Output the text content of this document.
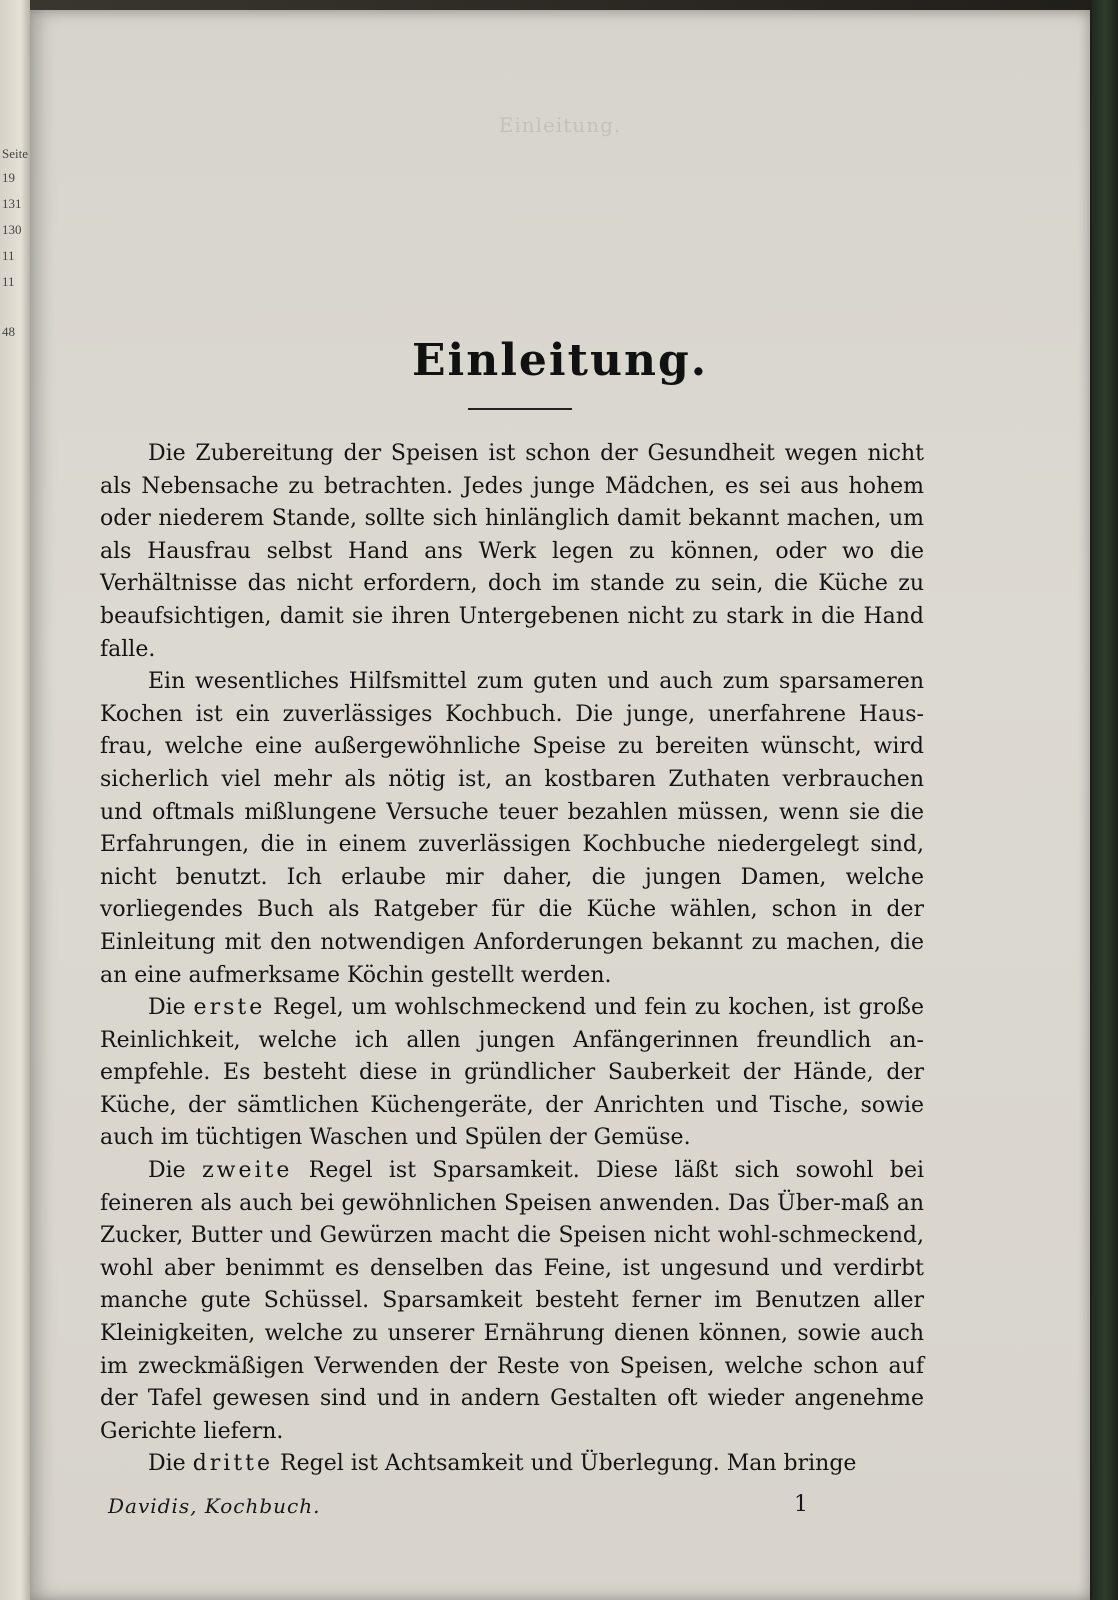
Seite
19
131
130
11
11
48
Einleitung.
Einleitung.

Die Zubereitung der Speisen ist schon der Gesundheit wegen nicht als Nebensache zu betrachten. Jedes junge Mädchen, es sei aus hohem oder niederem Stande, sollte sich hinlänglich damit bekannt machen, um als Hausfrau selbst Hand ans Werk legen zu können, oder wo die Verhältnisse das nicht erfordern, doch im stande zu sein, die Küche zu beaufsichtigen, damit sie ihren Untergebenen nicht zu stark in die Hand falle.

Ein wesentliches Hilfsmittel zum guten und auch zum sparsameren Kochen ist ein zuverlässiges Kochbuch. Die junge, unerfahrene Haus-frau, welche eine außergewöhnliche Speise zu bereiten wünscht, wird sicherlich viel mehr als nötig ist, an kostbaren Zuthaten verbrauchen und oftmals mißlungene Versuche teuer bezahlen müssen, wenn sie die Erfahrungen, die in einem zuverlässigen Kochbuche niedergelegt sind, nicht benutzt. Ich erlaube mir daher, die jungen Damen, welche vorliegendes Buch als Ratgeber für die Küche wählen, schon in der Einleitung mit den notwendigen Anforderungen bekannt zu machen, die an eine aufmerksame Köchin gestellt werden.

Die erste Regel, um wohlschmeckend und fein zu kochen, ist große Reinlichkeit, welche ich allen jungen Anfängerinnen freundlich an-empfehle. Es besteht diese in gründlicher Sauberkeit der Hände, der Küche, der sämtlichen Küchengeräte, der Anrichten und Tische, sowie auch im tüchtigen Waschen und Spülen der Gemüse.

Die zweite Regel ist Sparsamkeit. Diese läßt sich sowohl bei feineren als auch bei gewöhnlichen Speisen anwenden. Das Über-maß an Zucker, Butter und Gewürzen macht die Speisen nicht wohl-schmeckend, wohl aber benimmt es denselben das Feine, ist ungesund und verdirbt manche gute Schüssel. Sparsamkeit besteht ferner im Benutzen aller Kleinigkeiten, welche zu unserer Ernährung dienen können, sowie auch im zweckmäßigen Verwenden der Reste von Speisen, welche schon auf der Tafel gewesen sind und in andern Gestalten oft wieder angenehme Gerichte liefern.

Die dritte Regel ist Achtsamkeit und Überlegung. Man bringe

Davidis, Kochbuch.	1
